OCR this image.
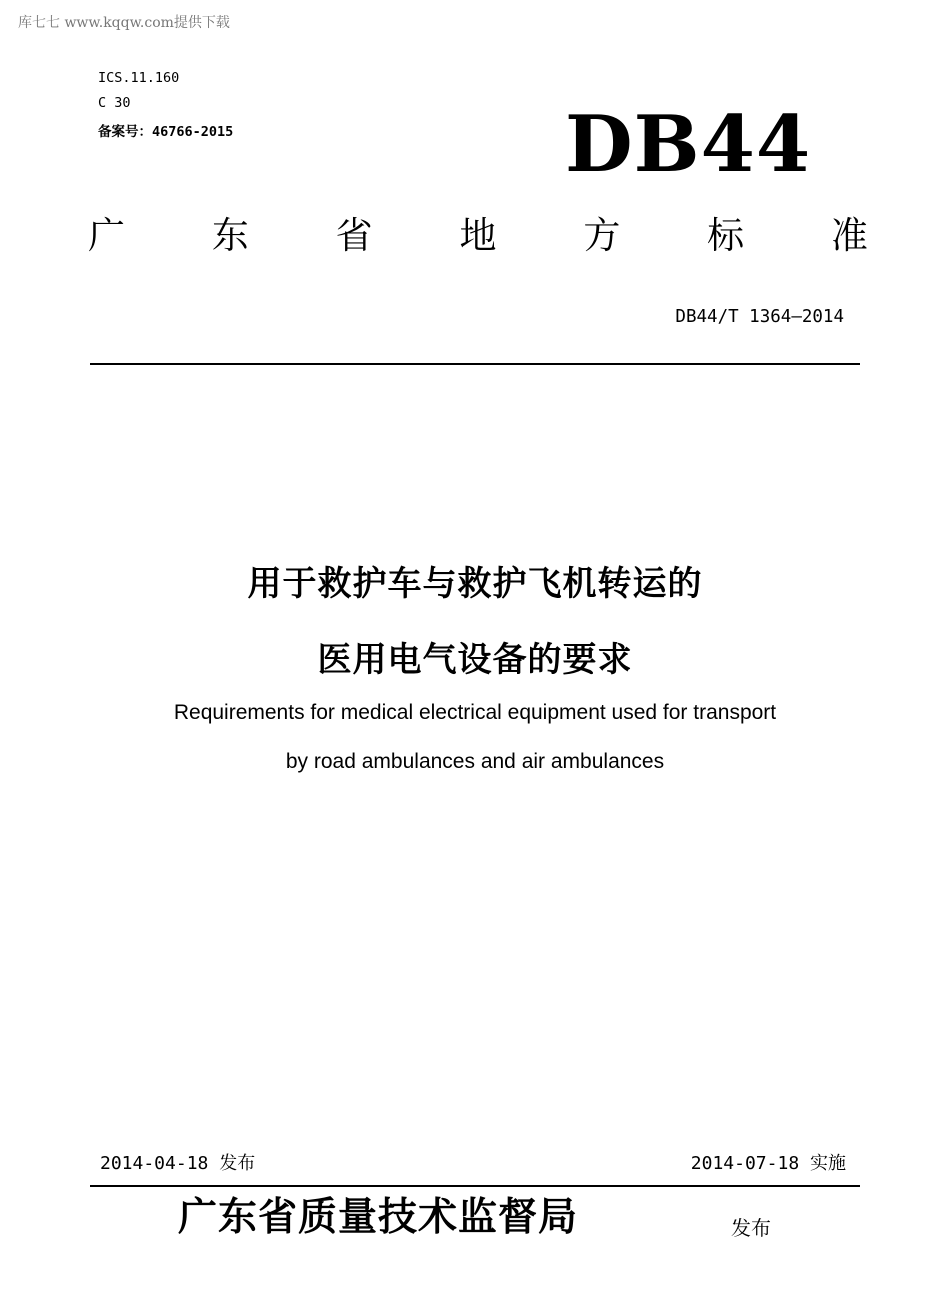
库七七 www.kqqw.com提供下载
ICS.11.160
C 30
备案号：46766-2015	DB44
广 东 省 地 方 标 准
DB44/T 1364—2014
用于救护车与救护飞机转运的
医用电气设备的要求
Requirements for medical electrical equipment used for transport
by road ambulances and air ambulances
2014-04-18 发布	2014-07-18 实施
广东省质量技术监督局	发布
